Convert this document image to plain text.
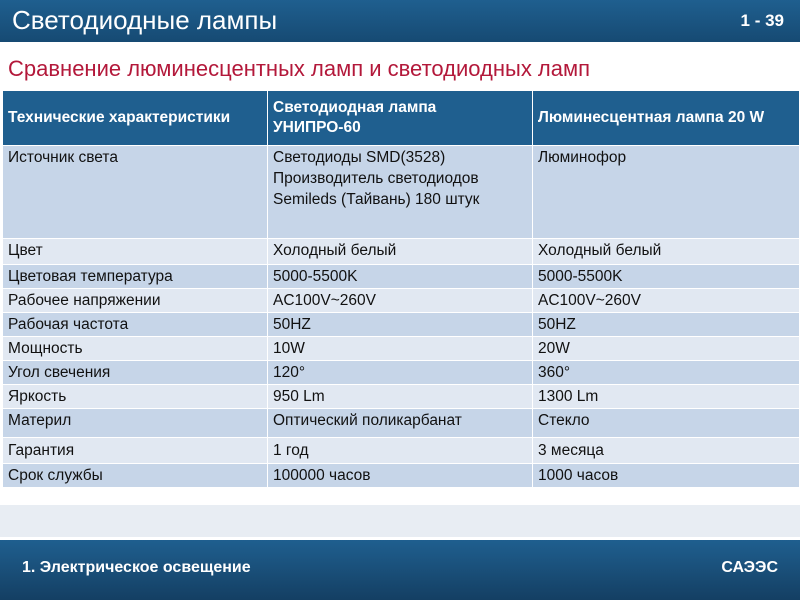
Светодиодные лампы	1 - 39
Сравнение люминесцентных ламп и светодиодных ламп
Технические характеристики	Светодиодная лампа УНИПРО-60	Люминесцентная лампа 20 W
Источник света	Светодиоды SMD(3528) Производитель светодиодов Semileds (Тайвань) 180 штук	Люминофор
Цвет	Холодный белый	Холодный белый
Цветовая температура	5000-5500K	5000-5500K
Рабочее напряжении	AC100V~260V	AC100V~260V
Рабочая частота	50HZ	50HZ
Мощность	10W	20W
Угол свечения	120°	360°
Яркость	950 Lm	1300 Lm
Материл	Оптический поликарбанат	Стекло
Гарантия	1 год	3 месяца
Срок службы	100000 часов	1000 часов
1. Электрическое освещение	САЭЭС
